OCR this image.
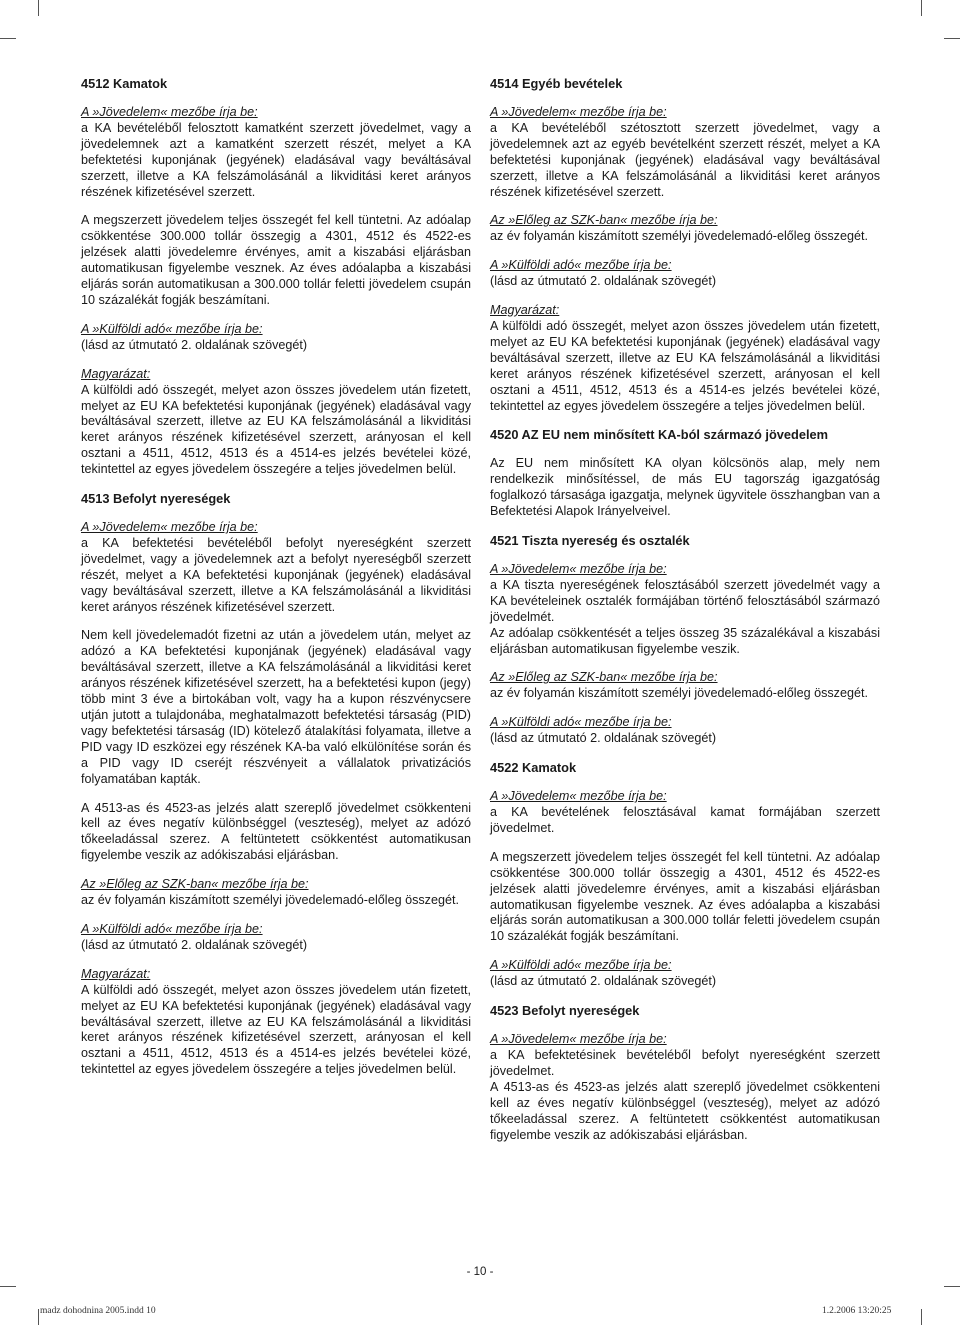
4512 Kamatok

A »Jövedelem« mezőbe írja be:
a KA bevételéből felosztott kamatként szerzett jövedelmet, vagy a jövedelemnek azt a kamatként szerzett részét, melyet a KA befektetési kuponjának (jegyének) eladásával vagy beváltásával szerzett, illetve a KA felszámolásánál a likviditási keret arányos részének kifizetésével szerzett.

A megszerzett jövedelem teljes összegét fel kell tüntetni. Az adóalap csökkentése 300.000 tollár összegig a 4301, 4512 és 4522-es jelzések alatti jövedelemre érvényes, amit a kiszabási eljárásban automatikusan figyelembe vesznek. Az éves adóalapba a kiszabási eljárás során automatikusan a 300.000 tollár feletti jövedelem csupán 10 százalékát fogják beszámítani.

A »Külföldi adó« mezőbe írja be:
(lásd az útmutató 2. oldalának szövegét)

Magyarázat:
A külföldi adó összegét, melyet azon összes jövedelem után fizetett, melyet az EU KA befektetési kuponjának (jegyének) eladásával vagy beváltásával szerzett, illetve az EU KA felszámolásánál a likviditási keret arányos részének kifizetésével szerzett, arányosan el kell osztani a 4511, 4512, 4513 és a 4514-es jelzés bevételei közé, tekintettel az egyes jövedelem összegére a teljes jövedelmen belül.

4513 Befolyt nyereségek

A »Jövedelem« mezőbe írja be:
a KA befektetési bevételéből befolyt nyereségként szerzett jövedelmet, vagy a jövedelemnek azt a befolyt nyereségből szerzett részét, melyet a KA befektetési kuponjának (jegyének) eladásával vagy beváltásával szerzett, illetve a KA felszámolásánál a likviditási keret arányos részének kifizetésével szerzett.

Nem kell jövedelemadót fizetni az után a jövedelem után, melyet az adózó a KA befektetési kuponjának (jegyének) eladásával vagy beváltásával szerzett, illetve a KA felszámolásánál a likviditási keret arányos részének kifizetésével szerzett, ha a befektetési kupon (jegy) több mint 3 éve a birtokában volt, vagy ha a kupon részvénycsere utján jutott a tulajdonába, meghatalmazott befektetési társaság (PID) vagy befektetési társaság (ID) kötelező átalakítási folyamata, illetve a PID vagy ID eszközei egy részének KA-ba való elkülönítése során és a PID vagy ID cseréjt részvényeit a vállalatok privatizációs folyamatában kapták.

A 4513-as és 4523-as jelzés alatt szereplő jövedelmet csökkenteni kell az éves negatív különbséggel (veszteség), melyet az adózó tőkeeladással szerez. A feltüntetett csökkentést automatikusan figyelembe veszik az adókiszabási eljárásban.

Az »Előleg az SZK-ban« mezőbe írja be:
az év folyamán kiszámított személyi jövedelemadó-előleg összegét.

A »Külföldi adó« mezőbe írja be:
(lásd az útmutató 2. oldalának szövegét)

Magyarázat:
A külföldi adó összegét, melyet azon összes jövedelem után fizetett, melyet az EU KA befektetési kuponjának (jegyének) eladásával vagy beváltásával szerzett, illetve az EU KA felszámolásánál a likviditási keret arányos részének kifizetésével szerzett, arányosan el kell osztani a 4511, 4512, 4513 és a 4514-es jelzés bevételei közé, tekintettel az egyes jövedelem összegére a teljes jövedelmen belül.

4514 Egyéb bevételek

A »Jövedelem« mezőbe írja be:
a KA bevételéből szétosztott szerzett jövedelmet, vagy a jövedelemnek azt az egyéb bevételként szerzett részét, melyet a KA befektetési kuponjának (jegyének) eladásával vagy beváltásával szerzett, illetve a KA felszámolásánál a likviditási keret arányos részének kifizetésével szerzett.

Az »Előleg az SZK-ban« mezőbe írja be:
az év folyamán kiszámított személyi jövedelemadó-előleg összegét.

A »Külföldi adó« mezőbe írja be:
(lásd az útmutató 2. oldalának szövegét)

Magyarázat:
A külföldi adó összegét, melyet azon összes jövedelem után fizetett, melyet az EU KA befektetési kuponjának (jegyének) eladásával vagy beváltásával szerzett, illetve az EU KA felszámolásánál a likviditási keret arányos részének kifizetésével szerzett, arányosan el kell osztani a 4511, 4512, 4513 és a 4514-es jelzés bevételei közé, tekintettel az egyes jövedelem összegére a teljes jövedelmen belül.

4520 AZ EU nem minősített KA-ból származó jövedelem

Az EU nem minősített KA olyan kölcsönös alap, mely nem rendelkezik minősítéssel, de más EU tagország igazgatóság foglalkozó társasága igazgatja, melynek ügyvitele összhangban van a Befektetési Alapok Irányelveivel.

4521 Tiszta nyereség és osztalék

A »Jövedelem« mezőbe írja be:
a KA tiszta nyereségének felosztásából szerzett jövedelmét vagy a KA bevételeinek osztalék formájában történő felosztásából származó jövedelmét.
Az adóalap csökkentését a teljes összeg 35 százalékával a kiszabási eljárásban automatikusan figyelembe veszik.

Az »Előleg az SZK-ban« mezőbe írja be:
az év folyamán kiszámított személyi jövedelemadó-előleg összegét.

A »Külföldi adó« mezőbe írja be:
(lásd az útmutató 2. oldalának szövegét)

4522 Kamatok

A »Jövedelem« mezőbe írja be:
a KA bevételének felosztásával kamat formájában szerzett jövedelmet.

A megszerzett jövedelem teljes összegét fel kell tüntetni. Az adóalap csökkentése 300.000 tollár összegig a 4301, 4512 és 4522-es jelzések alatti jövedelemre érvényes, amit a kiszabási eljárásban automatikusan figyelembe vesznek. Az éves adóalapba a kiszabási eljárás során automatikusan a 300.000 tollár feletti jövedelem csupán 10 százalékát fogják beszámítani.

A »Külföldi adó« mezőbe írja be:
(lásd az útmutató 2. oldalának szövegét)

4523 Befolyt nyereségek

A »Jövedelem« mezőbe írja be:
a KA befektetésinek bevételéből befolyt nyereségként szerzett jövedelmet.
A 4513-as és 4523-as jelzés alatt szereplő jövedelmet csökkenteni kell az éves negatív különbséggel (veszteség), melyet az adózó tőkeeladással szerez. A feltüntetett csökkentést automatikusan figyelembe veszik az adókiszabási eljárásban.

- 10 -
madz dohodnina 2005.indd 10	1.2.2006 13:20:25
